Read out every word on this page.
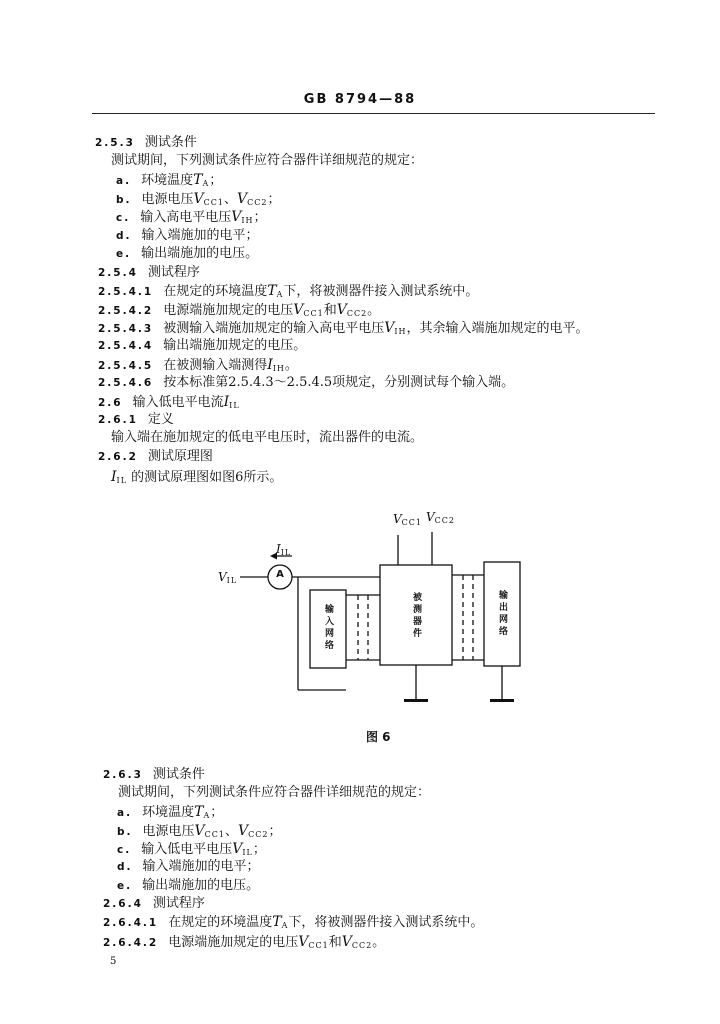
GB 8794—88
2.5.3 测试条件
测试期间，下列测试条件应符合器件详细规范的规定：
a. 环境温度$T_A$；
b. 电源电压$V_{CC1}$、$V_{CC2}$；
c. 输入高电平电压$V_{IH}$；
d. 输入端施加的电平；
e. 输出端施加的电压。
2.5.4 测试程序
2.5.4.1 在规定的环境温度$T_A$下，将被测器件接入测试系统中。
2.5.4.2 电源端施加规定的电压$V_{CC1}$和$V_{CC2}$。
2.5.4.3 被测输入端施加规定的输入高电平电压$V_{IH}$，其余输入端施加规定的电平。
2.5.4.4 输出端施加规定的电压。
2.5.4.5 在被测输入端测得$I_{IH}$。
2.5.4.6 按本标准第2.5.4.3～2.5.4.5项规定，分别测试每个输入端。
2.6 输入低电平电流$I_{IL}$
2.6.1 定义
输入端在施加规定的低电平电压时，流出器件的电流。
2.6.2 测试原理图
$I_{IL}$ 的测试原理图如图6所示。
$V_{CC1}$ $V_{CC2}$
$I_{IL}$
$V_{IL}$
A
输入网络	被测器件	输出网络
图 6
2.6.3 测试条件
测试期间，下列测试条件应符合器件详细规范的规定：
a. 环境温度$T_A$；
b. 电源电压$V_{CC1}$、$V_{CC2}$；
c. 输入低电平电压$V_{IL}$；
d. 输入端施加的电平；
e. 输出端施加的电压。
2.6.4 测试程序
2.6.4.1 在规定的环境温度$T_A$下，将被测器件接入测试系统中。
2.6.4.2 电源端施加规定的电压$V_{CC1}$和$V_{CC2}$。
5
